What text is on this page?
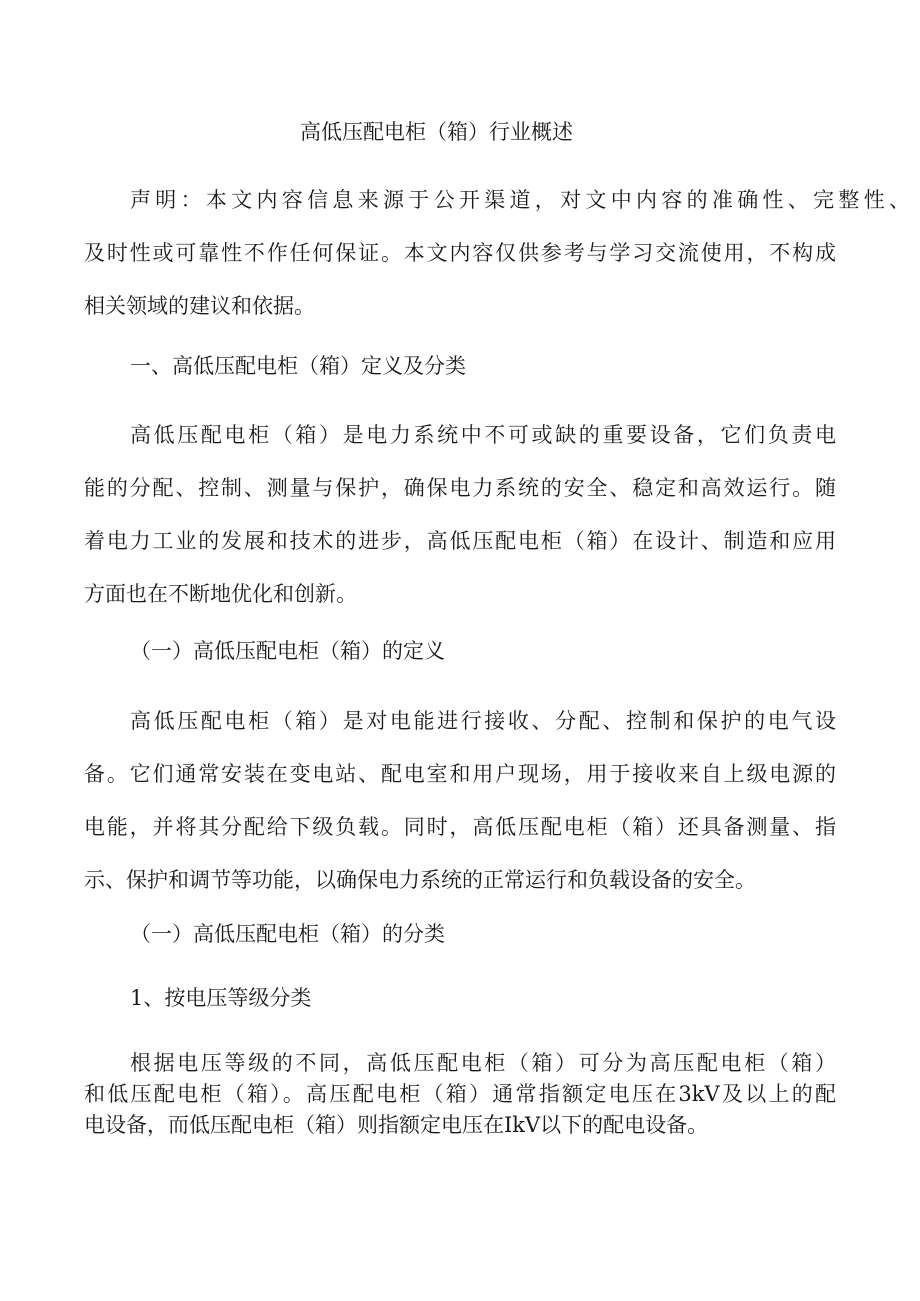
高低压配电柜（箱）行业概述
声明：本文内容信息来源于公开渠道，对文中内容的准确性、完整性、
及时性或可靠性不作任何保证。本文内容仅供参考与学习交流使用，不构成
相关领域的建议和依据。
一、高低压配电柜（箱）定义及分类
高低压配电柜（箱）是电力系统中不可或缺的重要设备，它们负责电
能的分配、控制、测量与保护，确保电力系统的安全、稳定和高效运行。随
着电力工业的发展和技术的进步，高低压配电柜（箱）在设计、制造和应用
方面也在不断地优化和创新。
（一）高低压配电柜（箱）的定义
高低压配电柜（箱）是对电能进行接收、分配、控制和保护的电气设
备。它们通常安装在变电站、配电室和用户现场，用于接收来自上级电源的
电能，并将其分配给下级负载。同时，高低压配电柜（箱）还具备测量、指
示、保护和调节等功能，以确保电力系统的正常运行和负载设备的安全。
（一）高低压配电柜（箱）的分类
1、按电压等级分类
根据电压等级的不同，高低压配电柜（箱）可分为高压配电柜（箱）
和低压配电柜（箱）。高压配电柜（箱）通常指额定电压在3kV及以上的配
电设备，而低压配电柜（箱）则指额定电压在IkV以下的配电设备。
